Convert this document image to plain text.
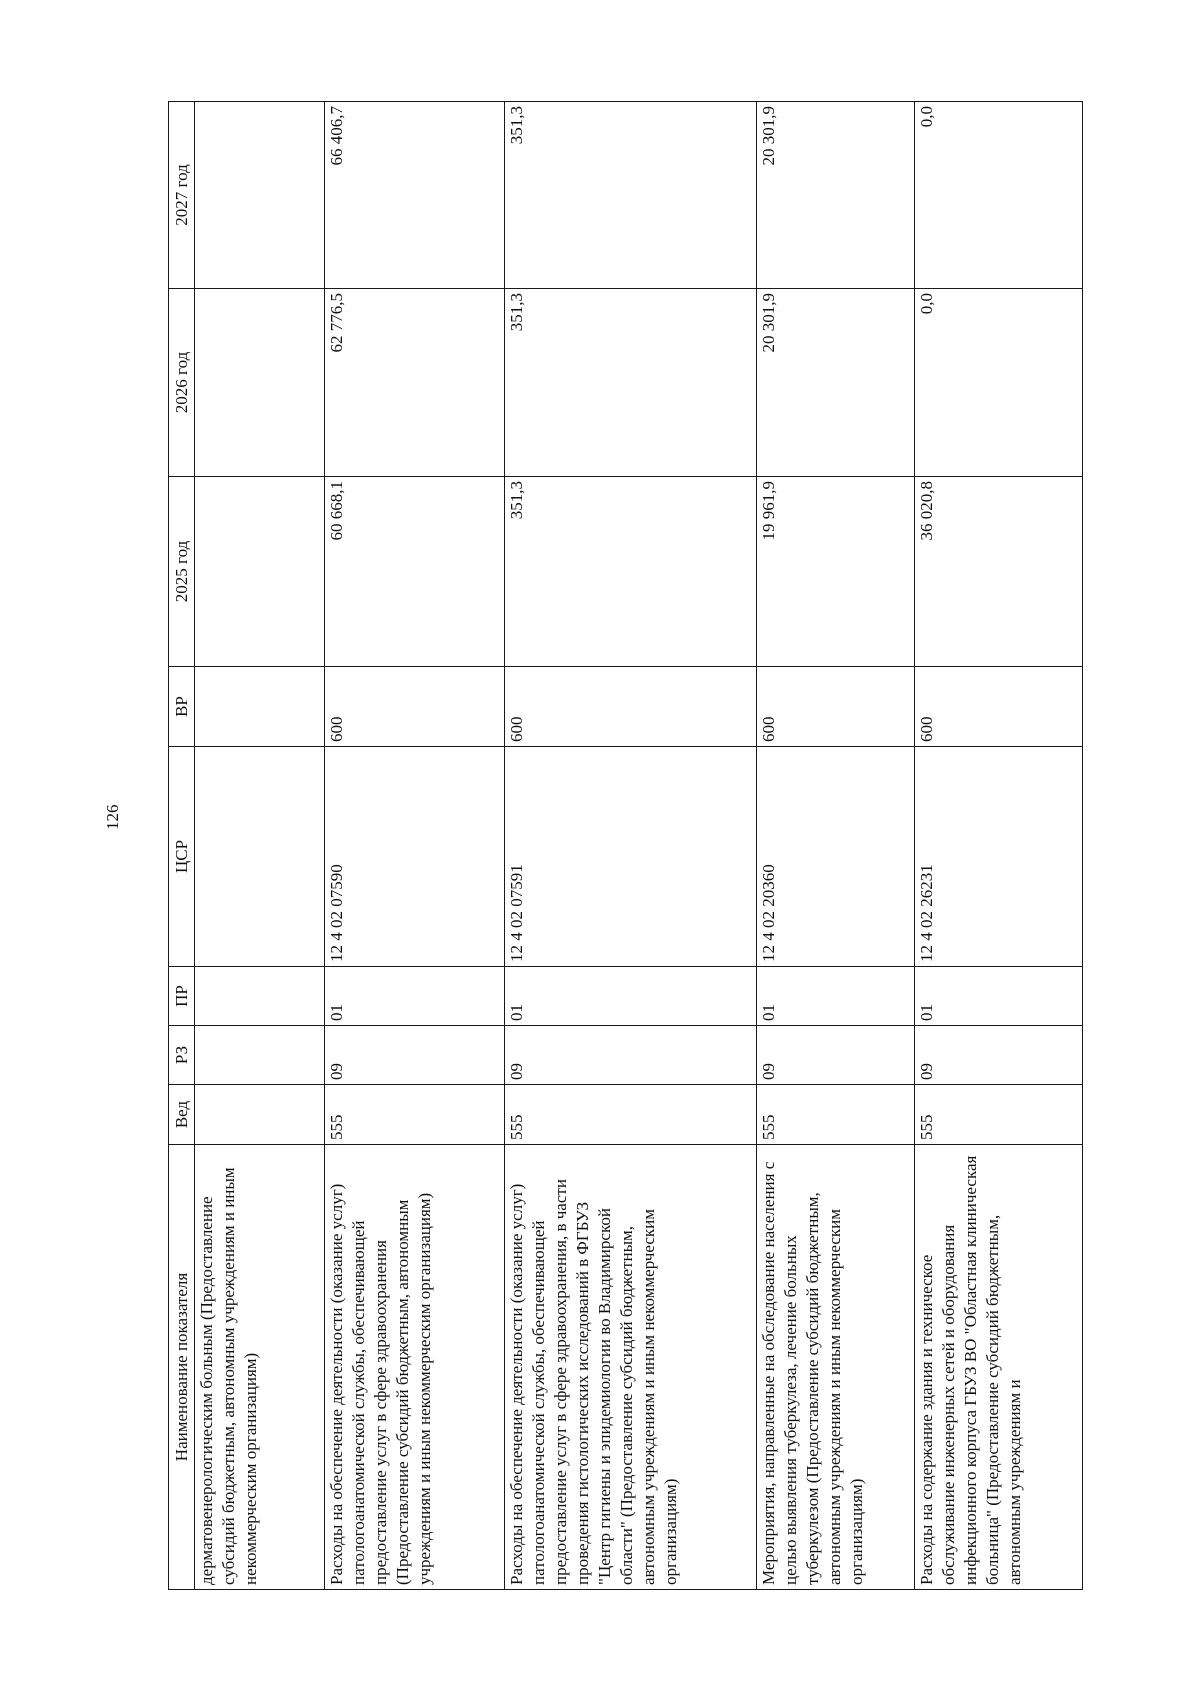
126
Наименование показателя	Вед	РЗ	ПР	ЦСР	ВР	2025 год	2026 год	2027 год
дерматовенерологическим больным (Предоставление субсидий бюджетным, автономным учреждениям и иным некоммерческим организациям)								
Расходы на обеспечение деятельности (оказание услуг) патологоанатомической службы, обеспечивающей предоставление услуг в сфере здравоохранения (Предоставление субсидий бюджетным, автономным учреждениям и иным некоммерческим организациям)	555	09	01	12 4 02 07590	600	60 668,1	62 776,5	66 406,7
Расходы на обеспечение деятельности (оказание услуг) патологоанатомической службы, обеспечивающей предоставление услуг в сфере здравоохранения, в части проведения гистологических исследований в ФГБУЗ "Центр гигиены и эпидемиологии во Владимирской области" (Предоставление субсидий бюджетным, автономным учреждениям и иным некоммерческим организациям)	555	09	01	12 4 02 07591	600	351,3	351,3	351,3
Мероприятия, направленные на обследование населения с целью выявления туберкулеза, лечение больных туберкулезом (Предоставление субсидий бюджетным, автономным учреждениям и иным некоммерческим организациям)	555	09	01	12 4 02 20360	600	19 961,9	20 301,9	20 301,9
Расходы на содержание здания и техническое обслуживание инженерных сетей и оборудования инфекционного корпуса ГБУЗ ВО "Областная клиническая больница" (Предоставление субсидий бюджетным, автономным учреждениям и	555	09	01	12 4 02 26231	600	36 020,8	0,0	0,0
